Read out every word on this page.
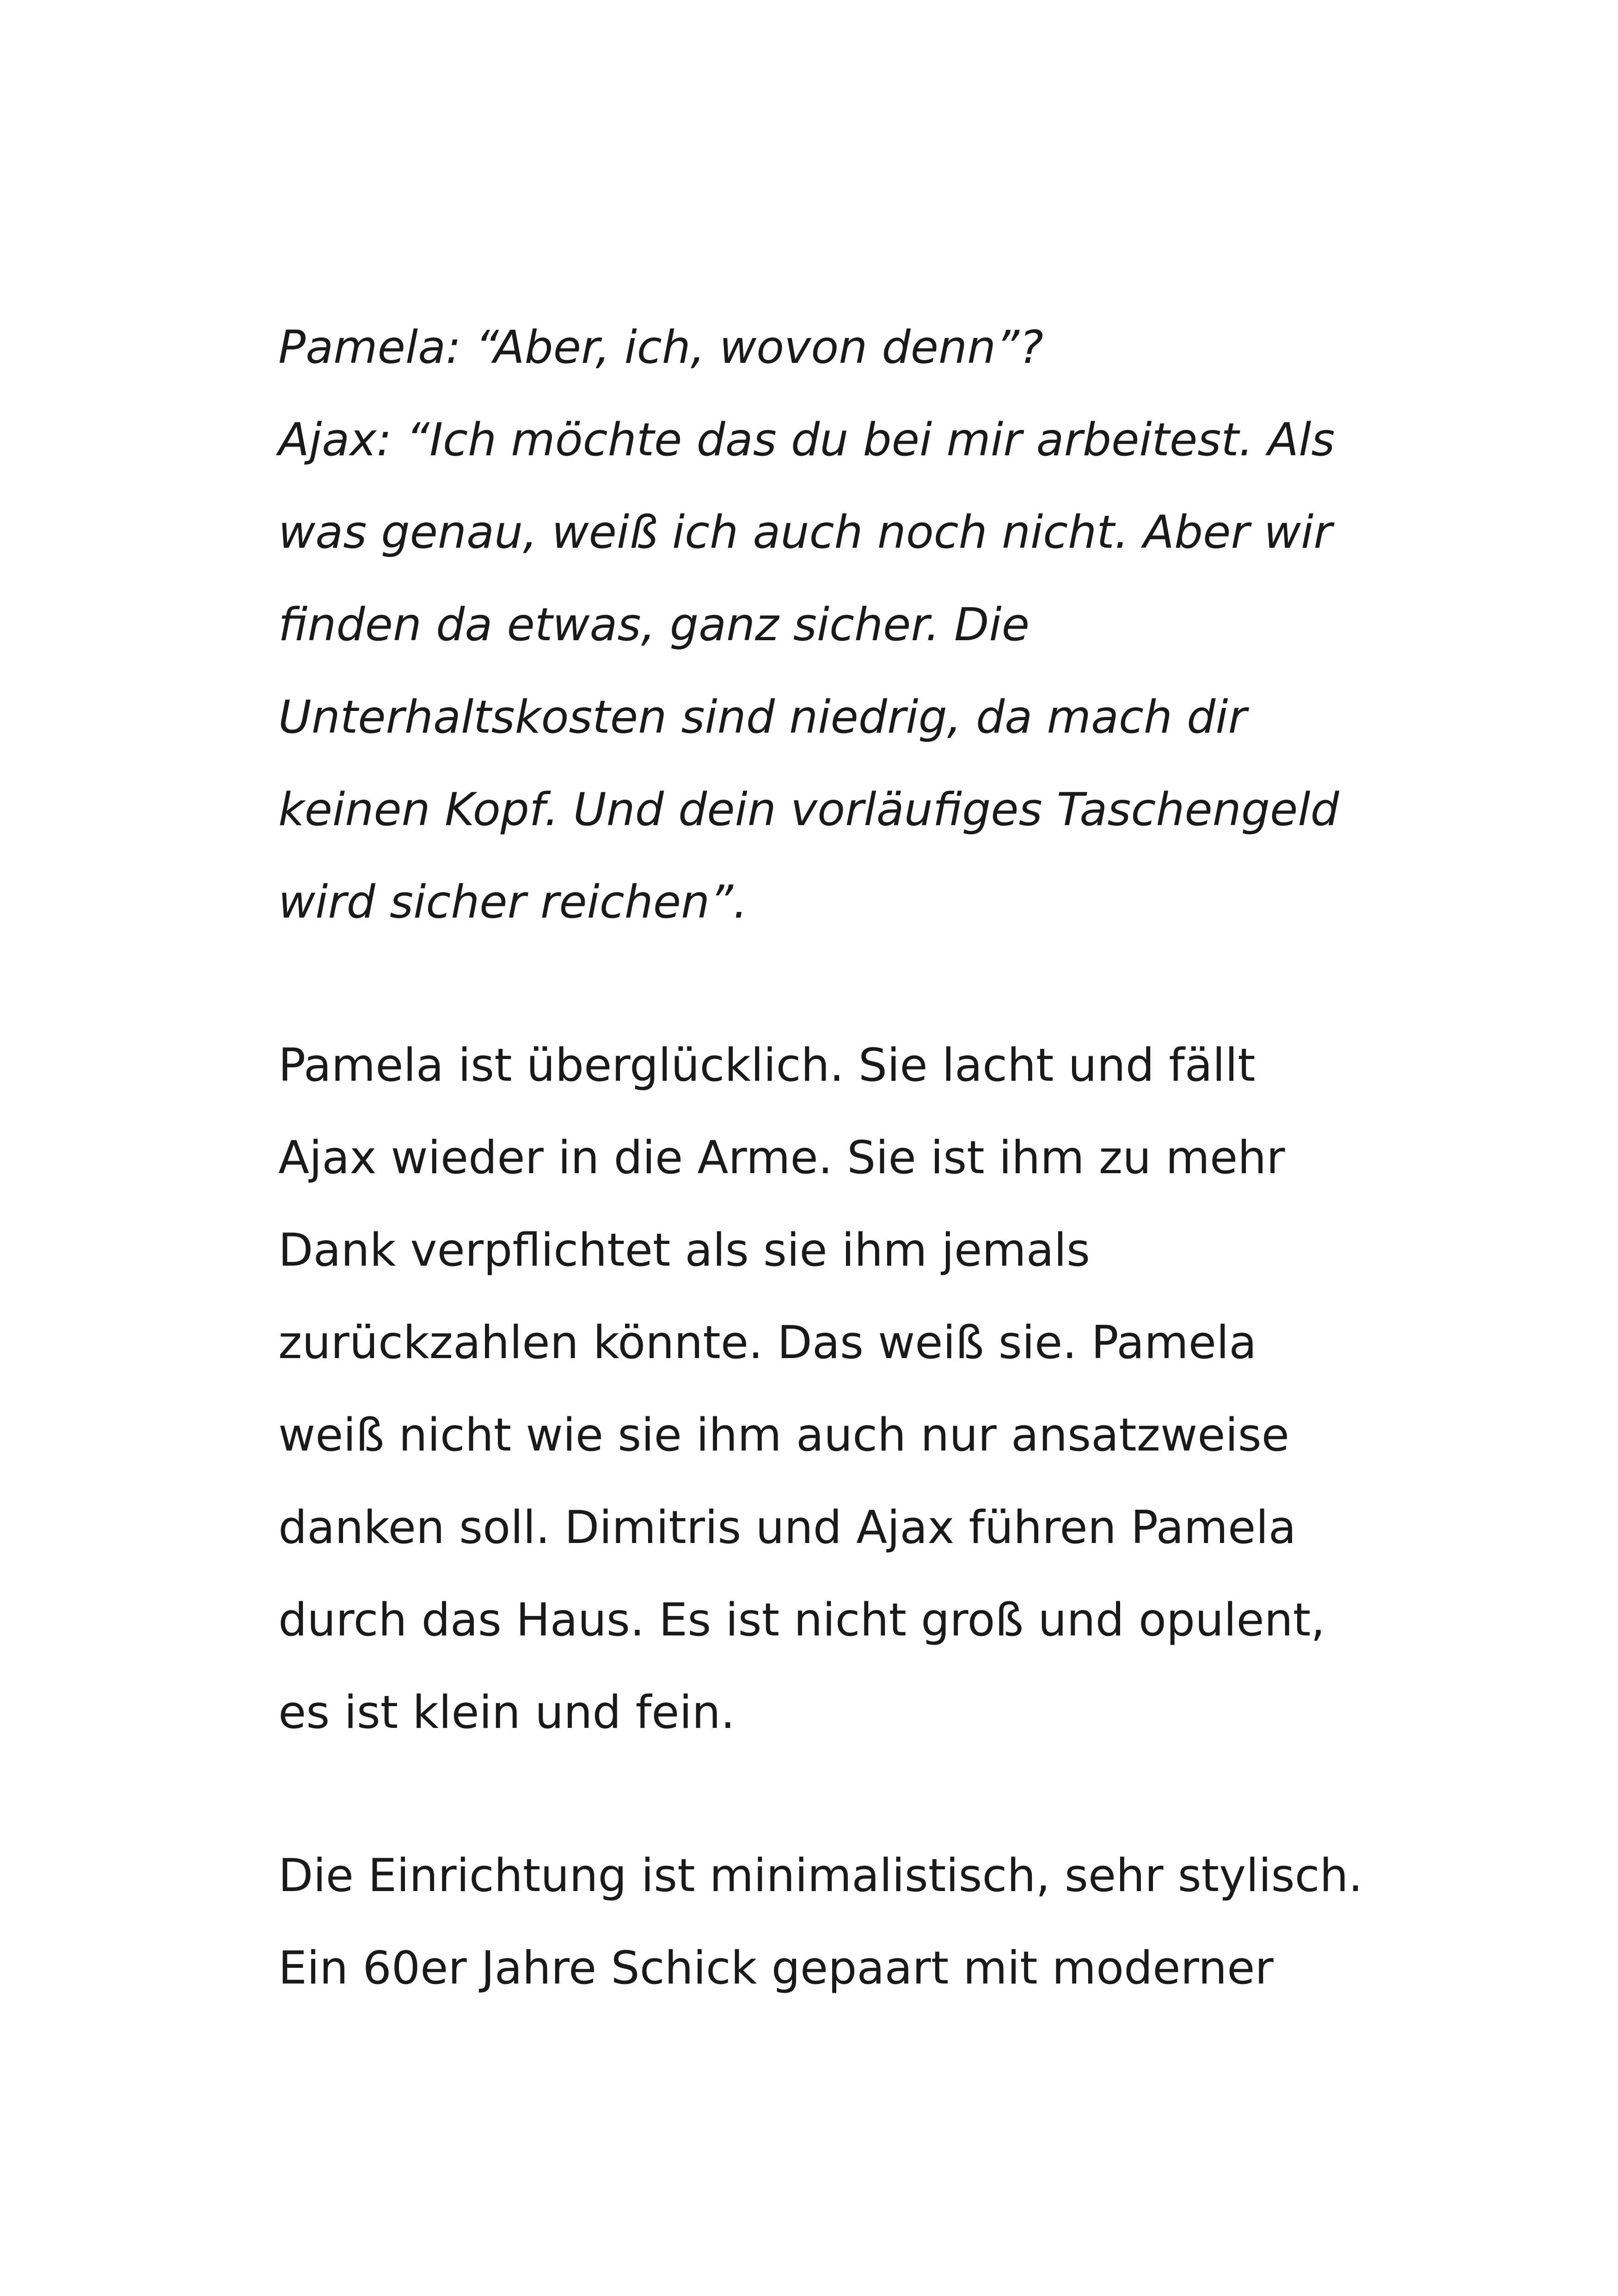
Pamela: “Aber, ich, wovon denn”?
Ajax: “Ich möchte das du bei mir arbeitest. Als
was genau, weiß ich auch noch nicht. Aber wir
finden da etwas, ganz sicher. Die
Unterhaltskosten sind niedrig, da mach dir
keinen Kopf. Und dein vorläufiges Taschengeld
wird sicher reichen”.

Pamela ist überglücklich. Sie lacht und fällt
Ajax wieder in die Arme. Sie ist ihm zu mehr
Dank verpflichtet als sie ihm jemals
zurückzahlen könnte. Das weiß sie. Pamela
weiß nicht wie sie ihm auch nur ansatzweise
danken soll. Dimitris und Ajax führen Pamela
durch das Haus. Es ist nicht groß und opulent,
es ist klein und fein.

Die Einrichtung ist minimalistisch, sehr stylisch.
Ein 60er Jahre Schick gepaart mit moderner
